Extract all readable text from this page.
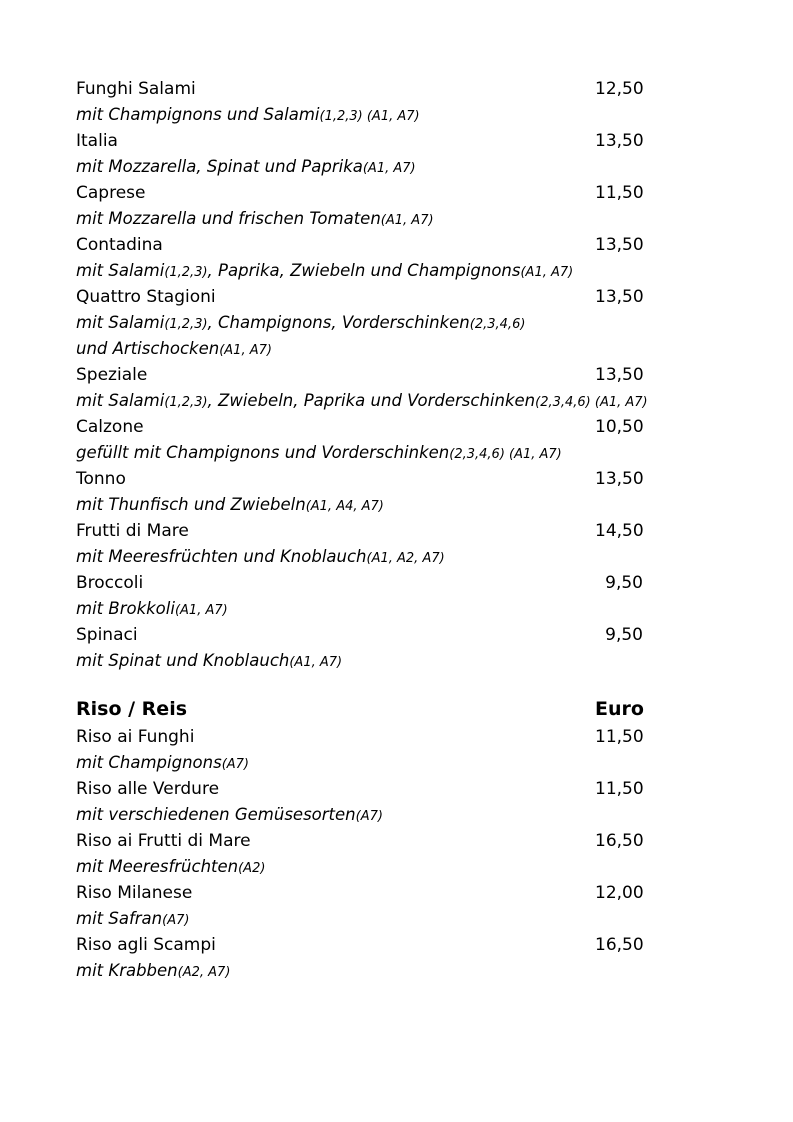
Funghi Salami	12,50
mit Champignons und Salami(1,2,3) (A1, A7)
Italia	13,50
mit Mozzarella, Spinat und Paprika(A1, A7)
Caprese	11,50
mit Mozzarella und frischen Tomaten(A1, A7)
Contadina	13,50
mit Salami(1,2,3), Paprika, Zwiebeln und Champignons(A1, A7)
Quattro Stagioni	13,50
mit Salami(1,2,3), Champignons, Vorderschinken(2,3,4,6)
und Artischocken(A1, A7)
Speziale	13,50
mit Salami(1,2,3), Zwiebeln, Paprika und Vorderschinken(2,3,4,6) (A1, A7)
Calzone	10,50
gefüllt mit Champignons und Vorderschinken(2,3,4,6) (A1, A7)
Tonno	13,50
mit Thunfisch und Zwiebeln(A1, A4, A7)
Frutti di Mare	14,50
mit Meeresfrüchten und Knoblauch(A1, A2, A7)
Broccoli	9,50
mit Brokkoli(A1, A7)
Spinaci	9,50
mit Spinat und Knoblauch(A1, A7)
Riso / Reis	Euro
Riso ai Funghi	11,50
mit Champignons(A7)
Riso alle Verdure	11,50
mit verschiedenen Gemüsesorten(A7)
Riso ai Frutti di Mare	16,50
mit Meeresfrüchten(A2)
Riso Milanese	12,00
mit Safran(A7)
Riso agli Scampi	16,50
mit Krabben(A2, A7)
